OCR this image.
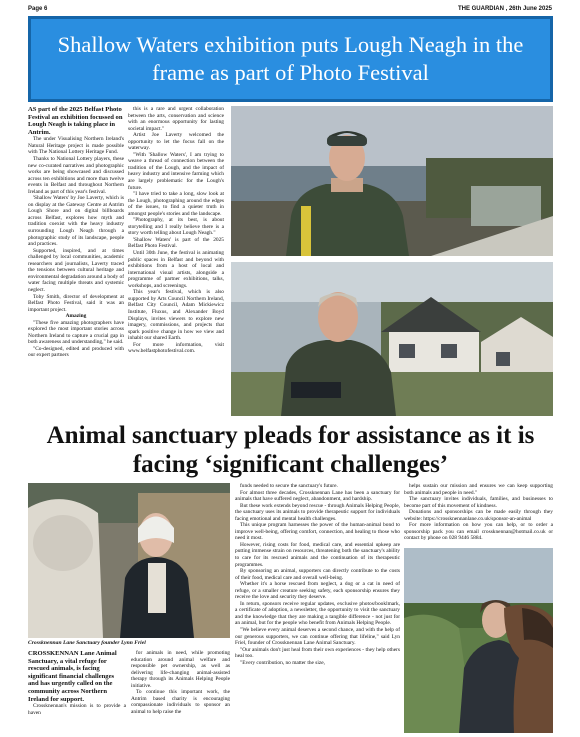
Page 6	THE GUARDIAN , 26th June 2025
Shallow Waters exhibition puts Lough Neagh in the frame as part of Photo Festival

AS part of the 2025 Belfast Photo Festival an exhibition focussed on Lough Neagh is taking place in Antrim.

The under Visualising Northern Ireland's Natural Heritage project is made possible with The National Lottery Heritage Fund.

Thanks to National Lottery players, these new co-curated narratives and photographic works are being showcased and discussed across ten exhibitions and more than twelve events in Belfast and throughout Northern Ireland as part of this year's festival.

'Shallow Waters' by Joe Laverty, which is on display at the Gateway Centre at Antrim Lough Shore and on digital billboards across Belfast, explores how myth and tradition coexist with the heavy industry surrounding Lough Neagh through a photographic study of its landscape, people and practices.

Supported, inspired, and at times challenged by local communities, academic researchers and journalists, Laverty traced the tensions between cultural heritage and environmental degradation around a body of water facing multiple threats and systemic neglect.

Toby Smith, director of development at Belfast Photo Festival, said it was an important project.

Amazing

"These five amazing photographers have explored the most important stories across Northern Ireland to capture a crucial gap in both awareness and understanding," he said.

"Co-designed, edited and produced with our expert partners

this is a rare and urgent collaboration between the arts, conservation and science with an enormous opportunity for lasting societal impact."

Artist Joe Laverty welcomed the opportunity to let the focus fall on the waterway.

"With 'Shallow Waters', I am trying to weave a thread of connection between the tradition of the Lough, and the impact of heavy industry and intensive farming which are largely problematic for the Lough's future.

"I have tried to take a long, slow look at the Lough, photographing around the edges of the issues, to find a quieter truth in amongst people's stories and the landscape.

"Photography, at its best, is about storytelling and I really believe there is a story worth telling about Lough Neagh."

'Shallow Waters' is part of the 2025 Belfast Photo Festival.

Until 30th June, the festival is animating public spaces in Belfast and beyond with exhibitions from a host of local and international visual artists, alongside a programme of partner exhibitions, talks, workshops, and screenings.

This year's festival, which is also supported by Arts Council Northern Ireland, Belfast City Council, Adam Mickiewicz Institute, Fluxus, and Alexander Boyd Displays, invites viewers to explore new imagery, commissions, and projects that spark positive change in how we view and inhabit our shared Earth.

For more information, visit www.belfastphotofestival.com.

Animal sanctuary pleads for assistance as it is facing ‘significant challenges’
Crossknennan Lane Sanctuary founder Lynn Friel

CROSSKENNAN Lane Animal Sanctuary, a vital refuge for rescued animals, is facing significant financial challenges and has urgently called on the community across Northern Ireland for support.

Crossknennan's mission is to provide a haven

for animals in need, while promoting education around animal welfare and responsible pet ownership, as well as delivering life-changing animal-assisted therapy through its Animals Helping People initiative.

To continue this important work, the Antrim based charity is encouraging compassionate individuals to sponsor an animal to help raise the

funds needed to secure the sanctuary's future.

For almost three decades, Crossknennan Lane has been a sanctuary for animals that have suffered neglect, abandonment, and hardship.

But these work extends beyond rescue - through Animals Helping People, the sanctuary uses its animals to provide therapeutic support for individuals facing emotional and mental health challenges.

This unique program harnesses the power of the human-animal bond to improve well-being, offering comfort, connection, and healing to those who need it most.

However, rising costs for food, medical care, and essential upkeep are putting immense strain on resources, threatening both the sanctuary's ability to care for its rescued animals and the continuation of its therapeutic programmes.

By sponsoring an animal, supporters can directly contribute to the costs of their food, medical care and overall well-being.

Whether it's a horse rescued from neglect, a dog or a cat in need of refuge, or a smaller creature seeking safety, each sponsorship ensures they receive the love and security they deserve.

In return, sponsors receive regular updates, exclusive photos/booklmark, a certificate of adoption, a newsletter, the opportunity to visit the sanctuary and the knowledge that they are making a tangible difference - not just for an animal, but for the people who benefit from Animals Helping People.

"We believe every animal deserves a second chance, and with the help of our generous supporters, we can continue offering that lifeline," said Lyn Friel, founder of Crossknennan Lane Animal Sanctuary.

"Our animals don't just heal from their own experiences - they help others heal too.

"Every contribution, no matter the size,

helps sustain our mission and ensures we can keep supporting both animals and people in need."

The sanctuary invites individuals, families, and businesses to become part of this movement of kindness.

Donations and sponsorships can be made easily through they website: https://crossknennanlane.co.uk/sponsor-an-animal

For more information on how you can help, or to order a sponsorship pack you can email crossknennan@hotmail.co.uk or contact by phone on 028 9446 5884.
